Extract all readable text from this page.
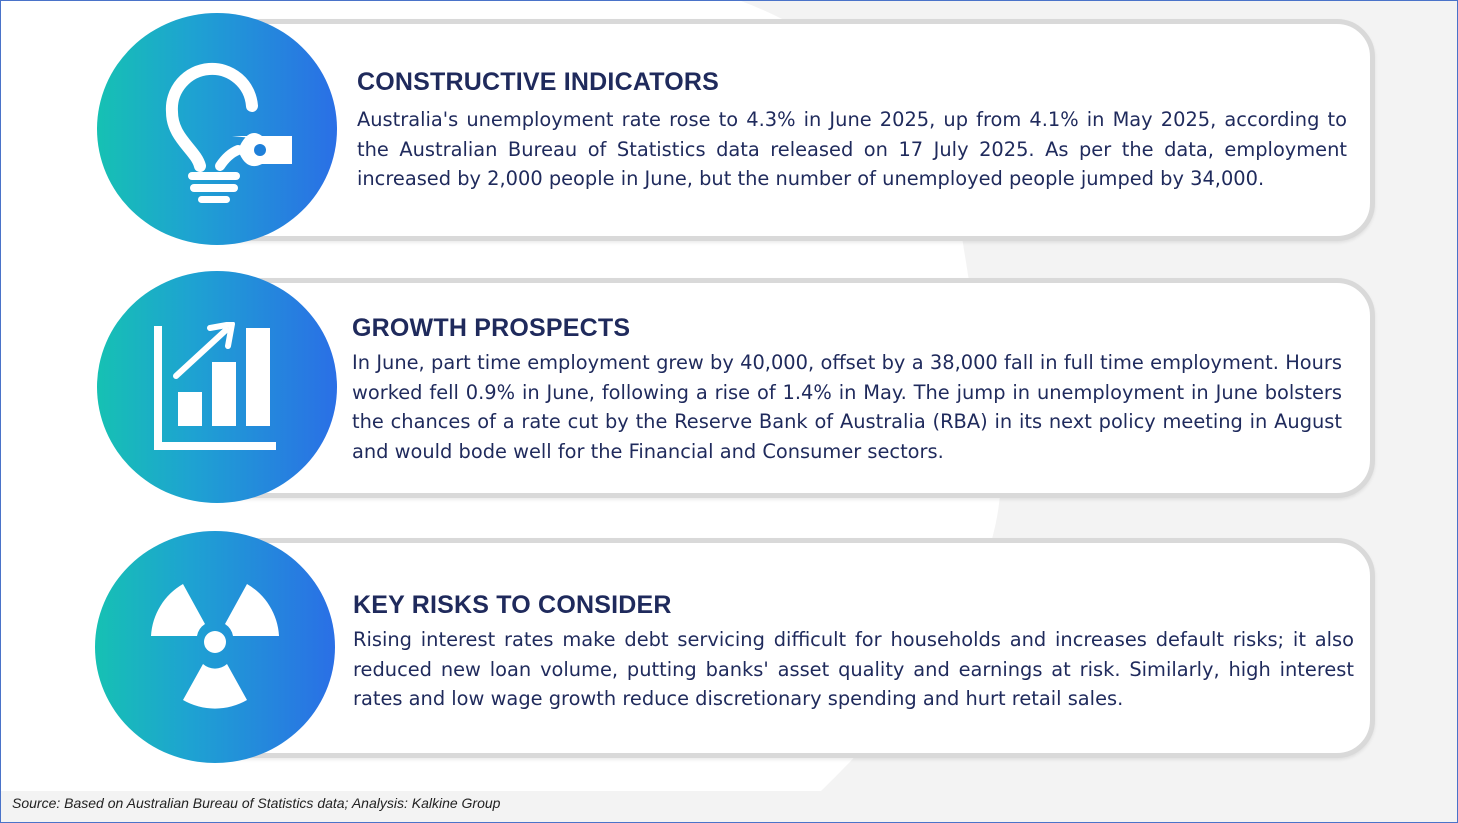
CONSTRUCTIVE INDICATORS
Australia's unemployment rate rose to 4.3% in June 2025, up from 4.1% in May 2025, according to the Australian Bureau of Statistics data released on 17 July 2025. As per the data, employment increased by 2,000 people in June, but the number of unemployed people jumped by 34,000.
GROWTH PROSPECTS
In June, part time employment grew by 40,000, offset by a 38,000 fall in full time employment. Hours worked fell 0.9% in June, following a rise of 1.4% in May. The jump in unemployment in June bolsters the chances of a rate cut by the Reserve Bank of Australia (RBA) in its next policy meeting in August and would bode well for the Financial and Consumer sectors.
KEY RISKS TO CONSIDER
Rising interest rates make debt servicing difficult for households and increases default risks; it also reduced new loan volume, putting banks' asset quality and earnings at risk. Similarly, high interest rates and low wage growth reduce discretionary spending and hurt retail sales.
Source: Based on Australian Bureau of Statistics data; Analysis: Kalkine Group
